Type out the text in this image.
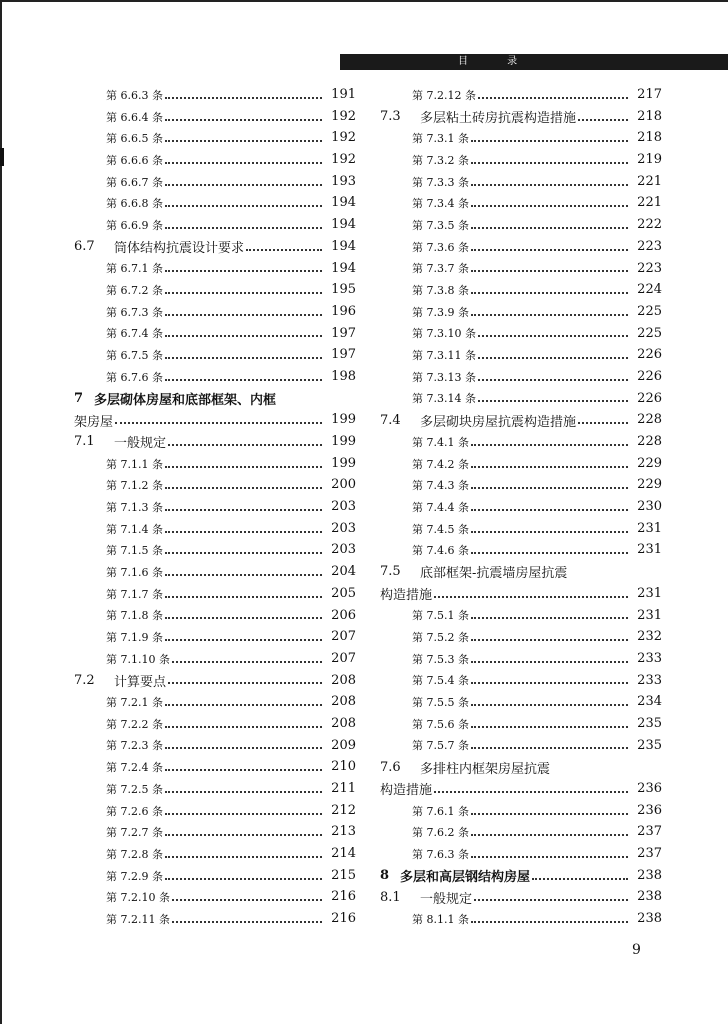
目 录
第 6.6.3 条	191
第 6.6.4 条	192
第 6.6.5 条	192
第 6.6.6 条	192
第 6.6.7 条	193
第 6.6.8 条	194
第 6.6.9 条	194
6.7	筒体结构抗震设计要求	194
第 6.7.1 条	194
第 6.7.2 条	195
第 6.7.3 条	196
第 6.7.4 条	197
第 6.7.5 条	197
第 6.7.6 条	198
7 多层砌体房屋和底部框架、内框
架房屋	199
7.1	一般规定	199
第 7.1.1 条	199
第 7.1.2 条	200
第 7.1.3 条	203
第 7.1.4 条	203
第 7.1.5 条	203
第 7.1.6 条	204
第 7.1.7 条	205
第 7.1.8 条	206
第 7.1.9 条	207
第 7.1.10 条	207
7.2	计算要点	208
第 7.2.1 条	208
第 7.2.2 条	208
第 7.2.3 条	209
第 7.2.4 条	210
第 7.2.5 条	211
第 7.2.6 条	212
第 7.2.7 条	213
第 7.2.8 条	214
第 7.2.9 条	215
第 7.2.10 条	216
第 7.2.11 条	216
第 7.2.12 条	217
7.3	多层粘土砖房抗震构造措施	218
第 7.3.1 条	218
第 7.3.2 条	219
第 7.3.3 条	221
第 7.3.4 条	221
第 7.3.5 条	222
第 7.3.6 条	223
第 7.3.7 条	223
第 7.3.8 条	224
第 7.3.9 条	225
第 7.3.10 条	225
第 7.3.11 条	226
第 7.3.13 条	226
第 7.3.14 条	226
7.4	多层砌块房屋抗震构造措施	228
第 7.4.1 条	228
第 7.4.2 条	229
第 7.4.3 条	229
第 7.4.4 条	230
第 7.4.5 条	231
第 7.4.6 条	231
7.5	底部框架-抗震墙房屋抗震
构造措施	231
第 7.5.1 条	231
第 7.5.2 条	232
第 7.5.3 条	233
第 7.5.4 条	233
第 7.5.5 条	234
第 7.5.6 条	235
第 7.5.7 条	235
7.6	多排柱内框架房屋抗震
构造措施	236
第 7.6.1 条	236
第 7.6.2 条	237
第 7.6.3 条	237
8 多层和高层钢结构房屋	238
8.1	一般规定	238
第 8.1.1 条	238
9
